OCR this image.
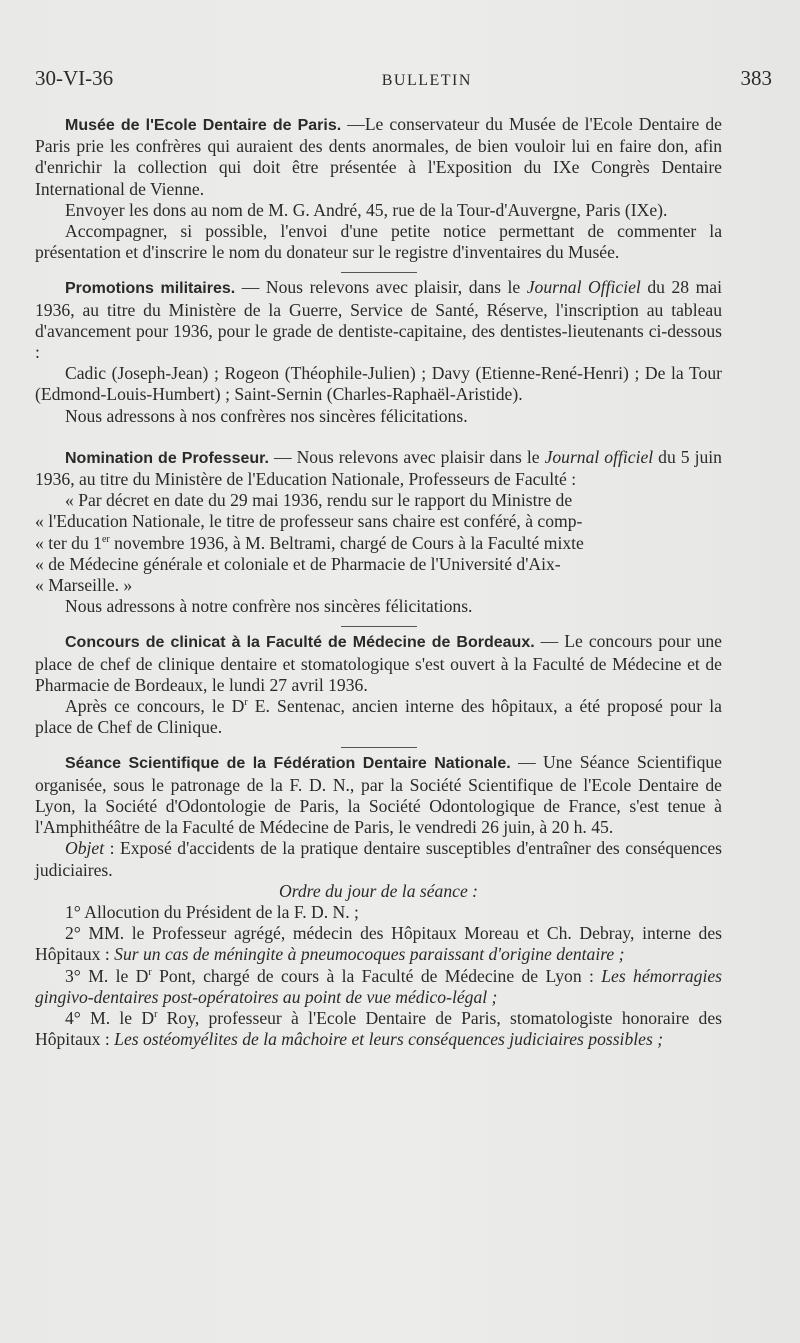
30-VI-36	BULLETIN	383

Musée de l'Ecole Dentaire de Paris. —Le conservateur du Musée de l'Ecole Dentaire de Paris prie les confrères qui auraient des dents anormales, de bien vouloir lui en faire don, afin d'enrichir la collection qui doit être présentée à l'Exposition du IXe Congrès Dentaire International de Vienne.

Envoyer les dons au nom de M. G. André, 45, rue de la Tour-d'Auvergne, Paris (IXe).

Accompagner, si possible, l'envoi d'une petite notice permettant de commenter la présentation et d'inscrire le nom du donateur sur le registre d'inventaires du Musée.

Promotions militaires. — Nous relevons avec plaisir, dans le Journal Officiel du 28 mai 1936, au titre du Ministère de la Guerre, Service de Santé, Réserve, l'inscription au tableau d'avancement pour 1936, pour le grade de dentiste-capitaine, des dentistes-lieutenants ci-dessous :

Cadic (Joseph-Jean) ; Rogeon (Théophile-Julien) ; Davy (Etienne-René-Henri) ; De la Tour (Edmond-Louis-Humbert) ; Saint-Sernin (Charles-Raphaël-Aristide).

Nous adressons à nos confrères nos sincères félicitations.

Nomination de Professeur. — Nous relevons avec plaisir dans le Journal officiel du 5 juin 1936, au titre du Ministère de l'Education Nationale, Professeurs de Faculté :

« Par décret en date du 29 mai 1936, rendu sur le rapport du Ministre de

« l'Education Nationale, le titre de professeur sans chaire est conféré, à comp-

« ter du 1er novembre 1936, à M. Beltrami, chargé de Cours à la Faculté mixte

« de Médecine générale et coloniale et de Pharmacie de l'Université d'Aix-

« Marseille. »

Nous adressons à notre confrère nos sincères félicitations.

Concours de clinicat à la Faculté de Médecine de Bordeaux. — Le concours pour une place de chef de clinique dentaire et stomatologique s'est ouvert à la Faculté de Médecine et de Pharmacie de Bordeaux, le lundi 27 avril 1936.

Après ce concours, le $D^r$ E. Sentenac, ancien interne des hôpitaux, a été proposé pour la place de Chef de Clinique.

Séance Scientifique de la Fédération Dentaire Nationale. — Une Séance Scientifique organisée, sous le patronage de la F. D. N., par la Société Scientifique de l'Ecole Dentaire de Lyon, la Société d'Odontologie de Paris, la Société Odontologique de France, s'est tenue à l'Amphithéâtre de la Faculté de Médecine de Paris, le vendredi 26 juin, à 20 h. 45.

Objet : Exposé d'accidents de la pratique dentaire susceptibles d'entraîner des conséquences judiciaires.

Ordre du jour de la séance :

1° Allocution du Président de la F. D. N. ;

2° MM. le Professeur agrégé, médecin des Hôpitaux Moreau et Ch. Debray, interne des Hôpitaux : Sur un cas de méningite à pneumocoques paraissant d'origine dentaire ;

3° M. le $D^r$ Pont, chargé de cours à la Faculté de Médecine de Lyon : Les hémorragies gingivo-dentaires post-opératoires au point de vue médico-légal ;

4° M. le $D^r$ Roy, professeur à l'Ecole Dentaire de Paris, stomatologiste honoraire des Hôpitaux : Les ostéomyélites de la mâchoire et leurs conséquences judiciaires possibles ;
